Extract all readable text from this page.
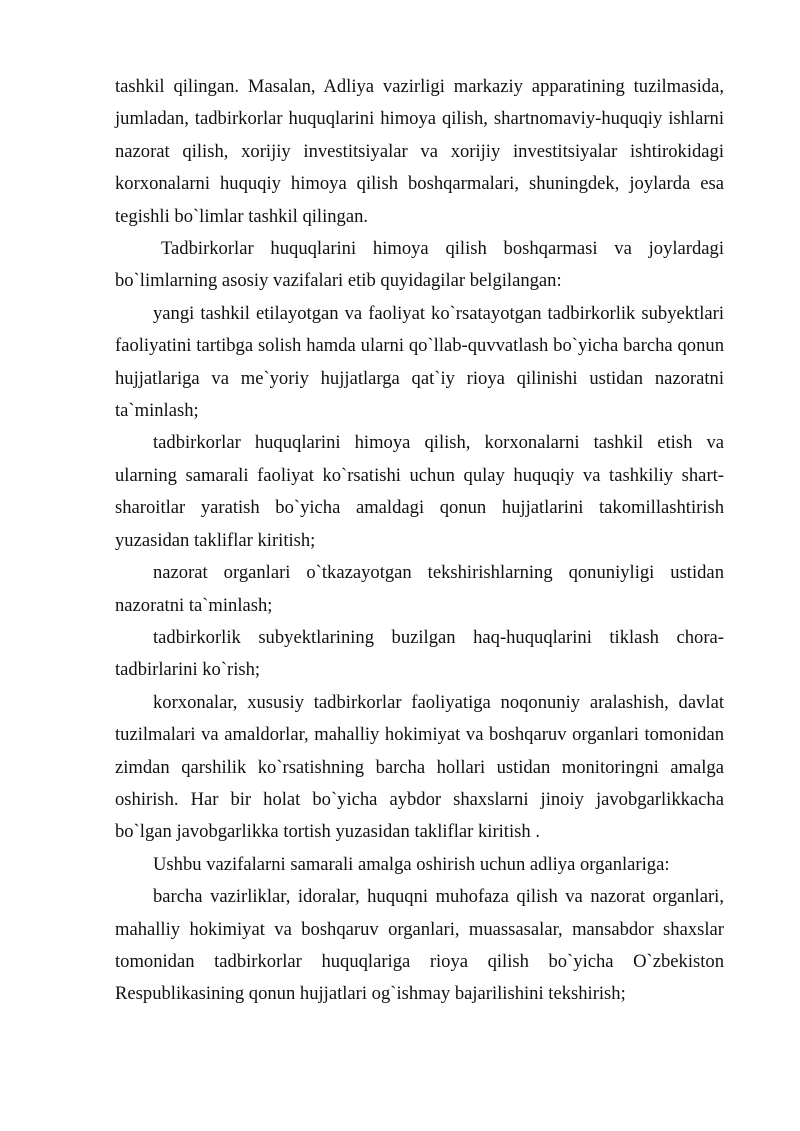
tashkil qilingan. Masalan, Adliya vazirligi markaziy apparatining tuzilmasida, jumladan, tadbirkorlar huquqlarini himoya qilish, shartnomaviy-huquqiy ishlarni nazorat qilish, xorijiy investitsiyalar va xorijiy investitsiyalar ishtirokidagi korxonalarni huquqiy himoya qilish boshqarmalari, shuningdek, joylarda esa tegishli bo`limlar tashkil qilingan.

Tadbirkorlar huquqlarini himoya qilish boshqarmasi va joylardagi bo`limlarning asosiy vazifalari etib quyidagilar belgilangan:

yangi tashkil etilayotgan va faoliyat ko`rsatayotgan tadbirkorlik subyektlari faoliyatini tartibga solish hamda ularni qo`llab-quvvatlash bo`yicha barcha qonun hujjatlariga va me`yoriy hujjatlarga qat`iy rioya qilinishi ustidan nazoratni ta`minlash;

tadbirkorlar huquqlarini himoya qilish, korxonalarni tashkil etish va ularning samarali faoliyat ko`rsatishi uchun qulay huquqiy va tashkiliy shart-sharoitlar yaratish bo`yicha amaldagi qonun hujjatlarini takomillashtirish yuzasidan takliflar kiritish;

nazorat organlari o`tkazayotgan tekshirishlarning qonuniyligi ustidan nazoratni ta`minlash;

tadbirkorlik subyektlarining buzilgan haq-huquqlarini tiklash chora-tadbirlarini ko`rish;

korxonalar, xususiy tadbirkorlar faoliyatiga noqonuniy aralashish, davlat tuzilmalari va amaldorlar, mahalliy hokimiyat va boshqaruv organlari tomonidan zimdan qarshilik ko`rsatishning barcha hollari ustidan monitoringni amalga oshirish. Har bir holat bo`yicha aybdor shaxslarni jinoiy javobgarlikkacha bo`lgan javobgarlikka tortish yuzasidan takliflar kiritish .

Ushbu vazifalarni samarali amalga oshirish uchun adliya organlariga:

barcha vazirliklar, idoralar, huquqni muhofaza qilish va nazorat organlari, mahalliy hokimiyat va boshqaruv organlari, muassasalar, mansabdor shaxslar tomonidan tadbirkorlar huquqlariga rioya qilish bo`yicha O`zbekiston Respublikasining qonun hujjatlari og`ishmay bajarilishini tekshirish;
